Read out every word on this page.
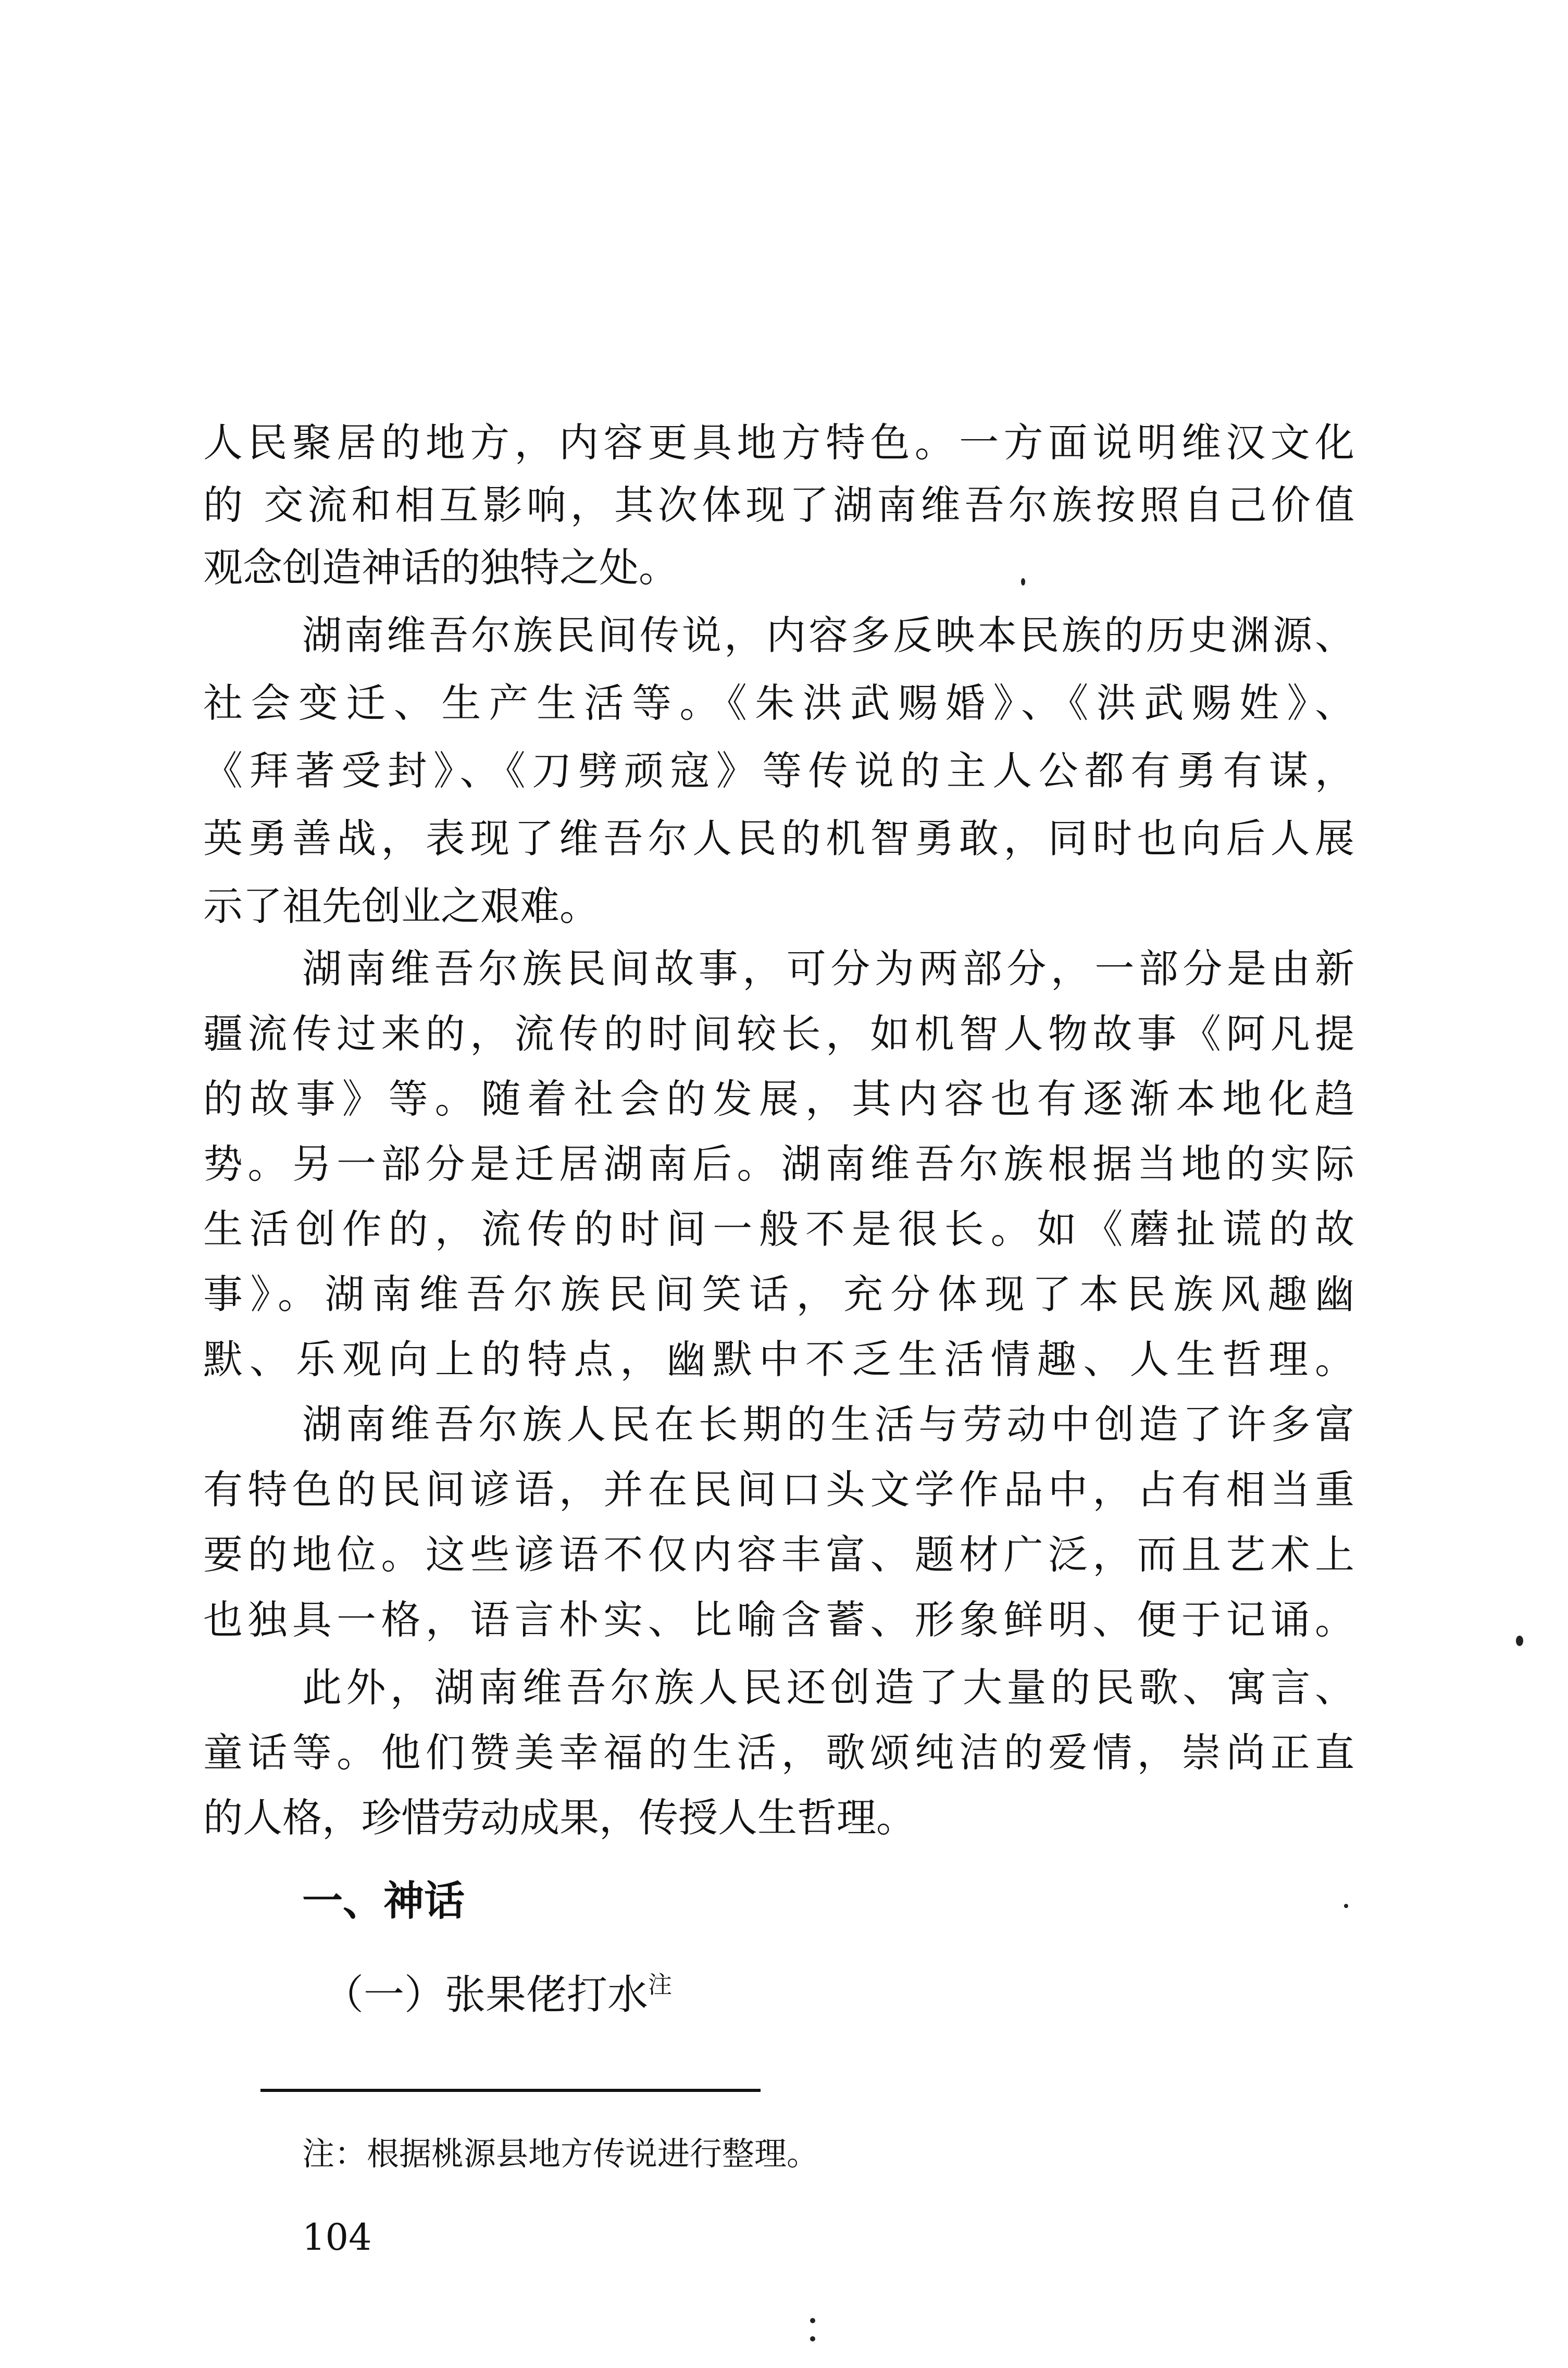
人民聚居的地方，内容更具地方特色。一方面说明维汉文化
的 交流和相互影响，其次体现了湖南维吾尔族按照自己价值
观念创造神话的独特之处。
湖南维吾尔族民间传说，内容多反映本民族的历史渊源、
社会变迁、生产生活等。《朱洪武赐婚》、《洪武赐姓》、
《拜著受封》、《刀劈顽寇》等传说的主人公都有勇有谋，
英勇善战，表现了维吾尔人民的机智勇敢，同时也向后人展
示了祖先创业之艰难。
湖南维吾尔族民间故事，可分为两部分，一部分是由新
疆流传过来的，流传的时间较长，如机智人物故事《阿凡提
的故事》等。随着社会的发展，其内容也有逐渐本地化趋
势。另一部分是迁居湖南后。湖南维吾尔族根据当地的实际
生活创作的，流传的时间一般不是很长。如《蘑扯谎的故
事》。湖南维吾尔族民间笑话，充分体现了本民族风趣幽
默、乐观向上的特点，幽默中不乏生活情趣、人生哲理。
湖南维吾尔族人民在长期的生活与劳动中创造了许多富
有特色的民间谚语，并在民间口头文学作品中，占有相当重
要的地位。这些谚语不仅内容丰富、题材广泛，而且艺术上
也独具一格，语言朴实、比喻含蓄、形象鲜明、便于记诵。
此外，湖南维吾尔族人民还创造了大量的民歌、寓言、
童话等。他们赞美幸福的生活，歌颂纯洁的爱情，崇尚正直
的人格，珍惜劳动成果，传授人生哲理。
一、神话
（一）张果佬打水$^注$
注：根据桃源县地方传说进行整理。
104
